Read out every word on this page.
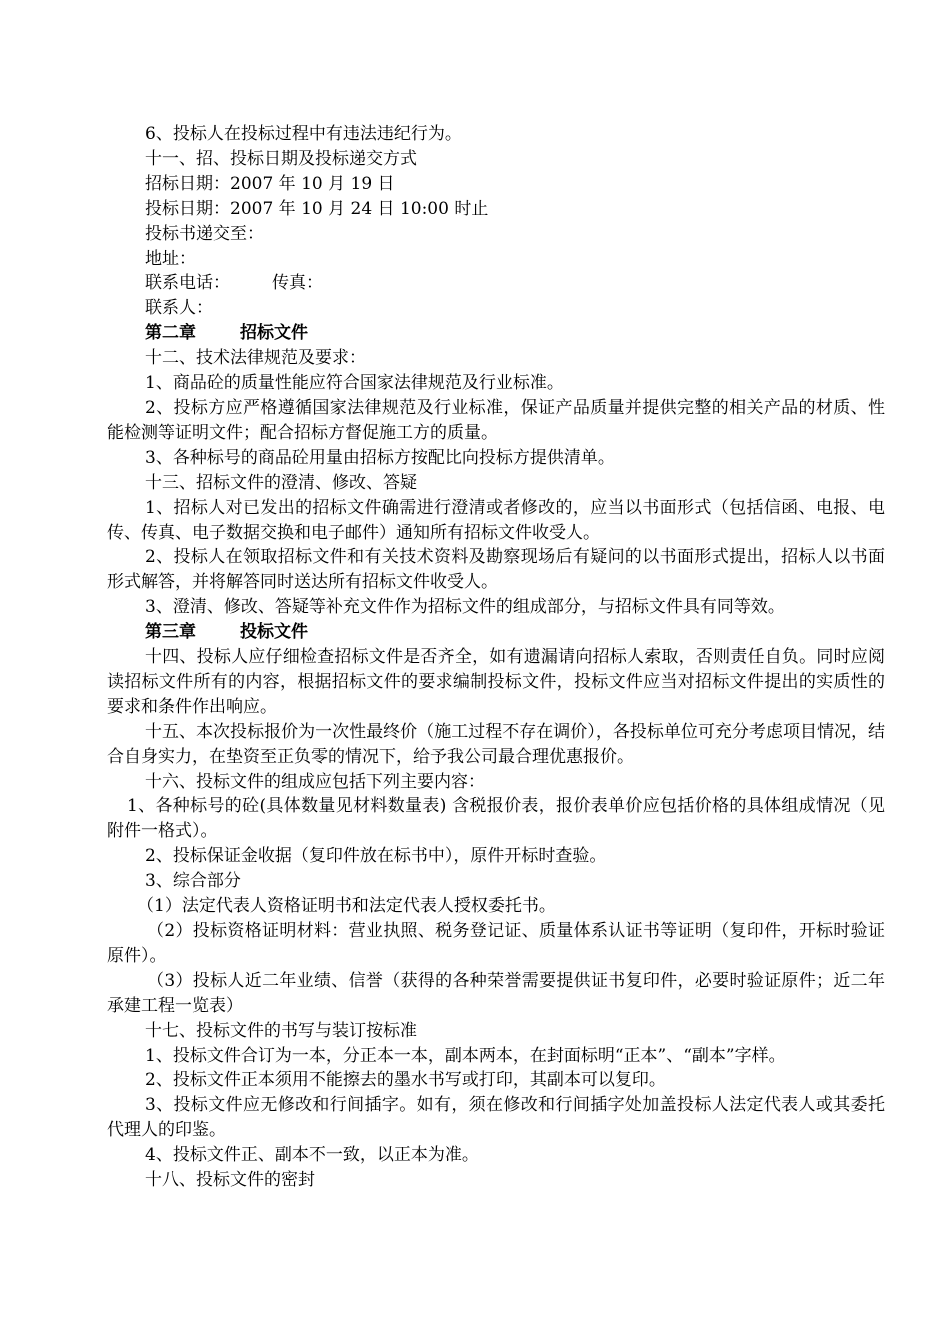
6、投标人在投标过程中有违法违纪行为。

十一、招、投标日期及投标递交方式

招标日期：2007 年 10 月 19 日

投标日期：2007 年 10 月 24 日 10:00 时止

投标书递交至：

地址：

联系电话： 传真：

联系人：

第二章	招标文件

十二、技术法律规范及要求：

1、商品砼的质量性能应符合国家法律规范及行业标准。

2、投标方应严格遵循国家法律规范及行业标准，保证产品质量并提供完整的相关产品的材质、性能检测等证明文件；配合招标方督促施工方的质量。

3、各种标号的商品砼用量由招标方按配比向投标方提供清单。

十三、招标文件的澄清、修改、答疑

1、招标人对已发出的招标文件确需进行澄清或者修改的，应当以书面形式（包括信函、电报、电传、传真、电子数据交换和电子邮件）通知所有招标文件收受人。

2、投标人在领取招标文件和有关技术资料及勘察现场后有疑问的以书面形式提出，招标人以书面形式解答，并将解答同时送达所有招标文件收受人。

3、澄清、修改、答疑等补充文件作为招标文件的组成部分，与招标文件具有同等效。

第三章	投标文件

十四、投标人应仔细检查招标文件是否齐全，如有遗漏请向招标人索取，否则责任自负。同时应阅读招标文件所有的内容，根据招标文件的要求编制投标文件，投标文件应当对招标文件提出的实质性的要求和条件作出响应。

十五、本次投标报价为一次性最终价（施工过程不存在调价），各投标单位可充分考虑项目情况，结合自身实力，在垫资至正负零的情况下，给予我公司最合理优惠报价。

十六、投标文件的组成应包括下列主要内容：

1、各种标号的砼(具体数量见材料数量表) 含税报价表，报价表单价应包括价格的具体组成情况（见附件一格式）。

2、投标保证金收据（复印件放在标书中），原件开标时查验。

3、综合部分

（1）法定代表人资格证明书和法定代表人授权委托书。

（2）投标资格证明材料：营业执照、税务登记证、质量体系认证书等证明（复印件，开标时验证原件）。

（3）投标人近二年业绩、信誉（获得的各种荣誉需要提供证书复印件，必要时验证原件；近二年承建工程一览表）

十七、投标文件的书写与装订按标准

1、投标文件合订为一本，分正本一本，副本两本，在封面标明“正本”、“副本”字样。

2、投标文件正本须用不能擦去的墨水书写或打印，其副本可以复印。

3、投标文件应无修改和行间插字。如有，须在修改和行间插字处加盖投标人法定代表人或其委托代理人的印鉴。

4、投标文件正、副本不一致，以正本为准。

十八、投标文件的密封
